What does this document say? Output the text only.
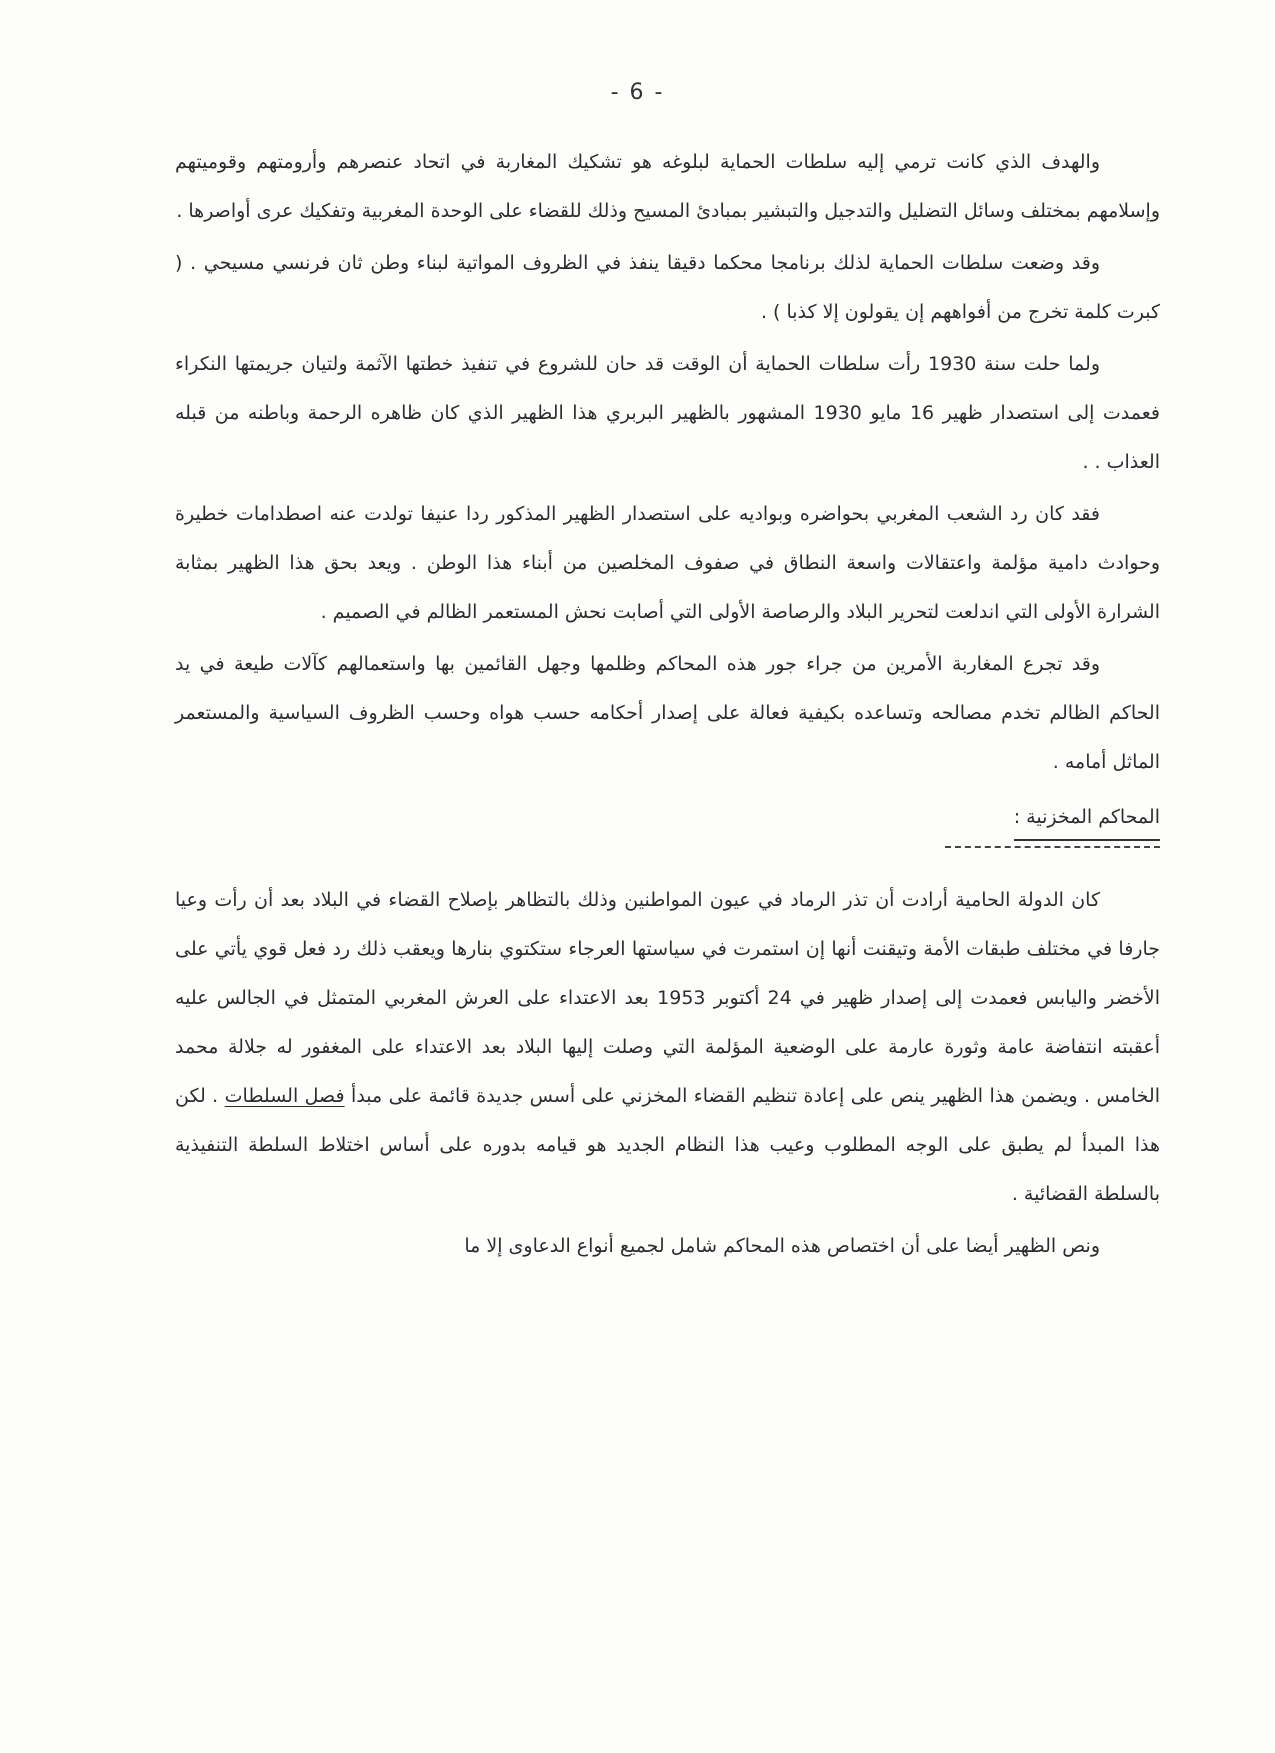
- 6 -

والهدف الذي كانت ترمي إليه سلطات الحماية لبلوغه هو تشكيك المغاربة في اتحاد عنصرهم وأرومتهم وقوميتهم وإسلامهم بمختلف وسائل التضليل والتدجيل والتبشير بمبادئ المسيح وذلك للقضاء على الوحدة المغربية وتفكيك عرى أواصرها .

وقد وضعت سلطات الحماية لذلك برنامجا محكما دقيقا ينفذ في الظروف المواتية لبناء وطن ثان فرنسي مسيحي . ( كبرت كلمة تخرج من أفواههم إن يقولون إلا كذبا ) .

ولما حلت سنة 1930 رأت سلطات الحماية أن الوقت قد حان للشروع في تنفيذ خطتها الآثمة ولتيان جريمتها النكراء فعمدت إلى استصدار ظهير 16 مايو 1930 المشهور بالظهير البربري هذا الظهير الذي كان ظاهره الرحمة وباطنه من قبله العذاب . .

فقد كان رد الشعب المغربي بحواضره وبواديه على استصدار الظهير المذكور ردا عنيفا تولدت عنه اصطدامات خطيرة وحوادث دامية مؤلمة واعتقالات واسعة النطاق في صفوف المخلصين من أبناء هذا الوطن . ويعد بحق هذا الظهير بمثابة الشرارة الأولى التي اندلعت لتحرير البلاد والرصاصة الأولى التي أصابت نحش المستعمر الظالم في الصميم .

وقد تجرع المغاربة الأمرين من جراء جور هذه المحاكم وظلمها وجهل القائمين بها واستعمالهم كآلات طيعة في يد الحاكم الظالم تخدم مصالحه وتساعده بكيفية فعالة على إصدار أحكامه حسب هواه وحسب الظروف السياسية والمستعمر الماثل أمامه .

المحاكم المخزنية :

كان الدولة الحامية أرادت أن تذر الرماد في عيون المواطنين وذلك بالتظاهر بإصلاح القضاء في البلاد بعد أن رأت وعيا جارفا في مختلف طبقات الأمة وتيقنت أنها إن استمرت في سياستها العرجاء ستكتوي بنارها ويعقب ذلك رد فعل قوي يأتي على الأخضر واليابس فعمدت إلى إصدار ظهير في 24 أكتوبر 1953 بعد الاعتداء على العرش المغربي المتمثل في الجالس عليه أعقبته انتفاضة عامة وثورة عارمة على الوضعية المؤلمة التي وصلت إليها البلاد بعد الاعتداء على المغفور له جلالة محمد الخامس . ويضمن هذا الظهير ينص على إعادة تنظيم القضاء المخزني على أسس جديدة قائمة على مبدأ فصل السلطات . لكن هذا المبدأ لم يطبق على الوجه المطلوب وعيب هذا النظام الجديد هو قيامه بدوره على أساس اختلاط السلطة التنفيذية بالسلطة القضائية .

ونص الظهير أيضا على أن اختصاص هذه المحاكم شامل لجميع أنواع الدعاوى إلا ما
